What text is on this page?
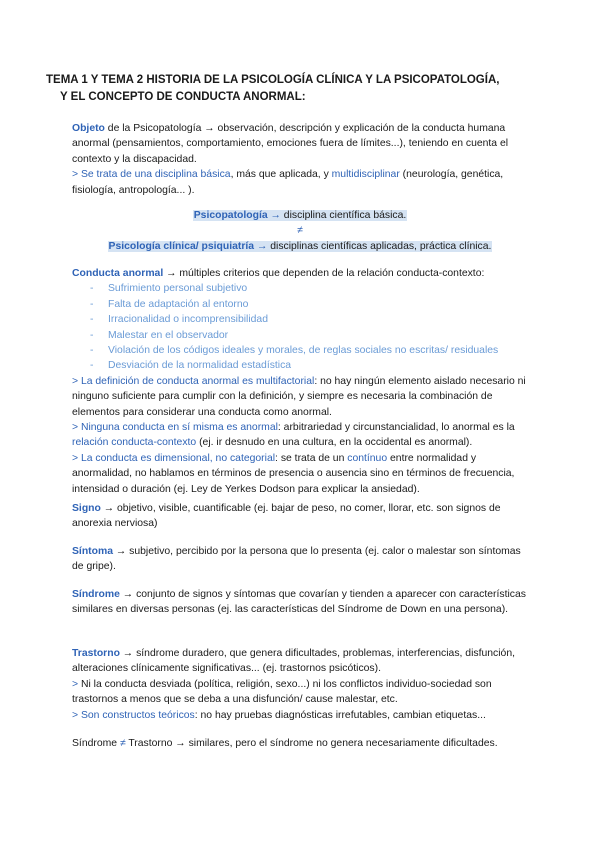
TEMA 1 Y TEMA 2 HISTORIA DE LA PSICOLOGÍA CLÍNICA Y LA PSICOPATOLOGÍA,
Y EL CONCEPTO DE CONDUCTA ANORMAL:

Objeto de la Psicopatología → observación, descripción y explicación de la conducta humana anormal (pensamientos, comportamiento, emociones fuera de límites...), teniendo en cuenta el contexto y la discapacidad.

> Se trata de una disciplina básica, más que aplicada, y multidisciplinar (neurología, genética, fisiología, antropología... ).

Psicopatología → disciplina científica básica.

≠

Psicología clínica/ psiquiatría → disciplinas científicas aplicadas, práctica clínica.

Conducta anormal → múltiples criterios que dependen de la relación conducta-contexto:

- Sufrimiento personal subjetivo
- Falta de adaptación al entorno
- Irracionalidad o incomprensibilidad
- Malestar en el observador
- Violación de los códigos ideales y morales, de reglas sociales no escritas/ residuales
- Desviación de la normalidad estadística

> La definición de conducta anormal es multifactorial: no hay ningún elemento aislado necesario ni ninguno suficiente para cumplir con la definición, y siempre es necesaria la combinación de elementos para considerar una conducta como anormal.

> Ninguna conducta en sí misma es anormal: arbitrariedad y circunstancialidad, lo anormal es la relación conducta-contexto (ej. ir desnudo en una cultura, en la occidental es anormal).

> La conducta es dimensional, no categorial: se trata de un contínuo entre normalidad y anormalidad, no hablamos en términos de presencia o ausencia sino en términos de frecuencia, intensidad o duración (ej. Ley de Yerkes Dodson para explicar la ansiedad).

Signo → objetivo, visible, cuantificable (ej. bajar de peso, no comer, llorar, etc. son signos de anorexia nerviosa)

Síntoma → subjetivo, percibido por la persona que lo presenta (ej. calor o malestar son síntomas de gripe).

Síndrome → conjunto de signos y síntomas que covarían y tienden a aparecer con características similares en diversas personas (ej. las características del Síndrome de Down en una persona).

Trastorno → síndrome duradero, que genera dificultades, problemas, interferencias, disfunción, alteraciones clínicamente significativas... (ej. trastornos psicóticos).

> Ni la conducta desviada (política, religión, sexo...) ni los conflictos individuo-sociedad son trastornos a menos que se deba a una disfunción/ cause malestar, etc.

> Son constructos teóricos: no hay pruebas diagnósticas irrefutables, cambian etiquetas...

Síndrome ≠ Trastorno → similares, pero el síndrome no genera necesariamente dificultades.
